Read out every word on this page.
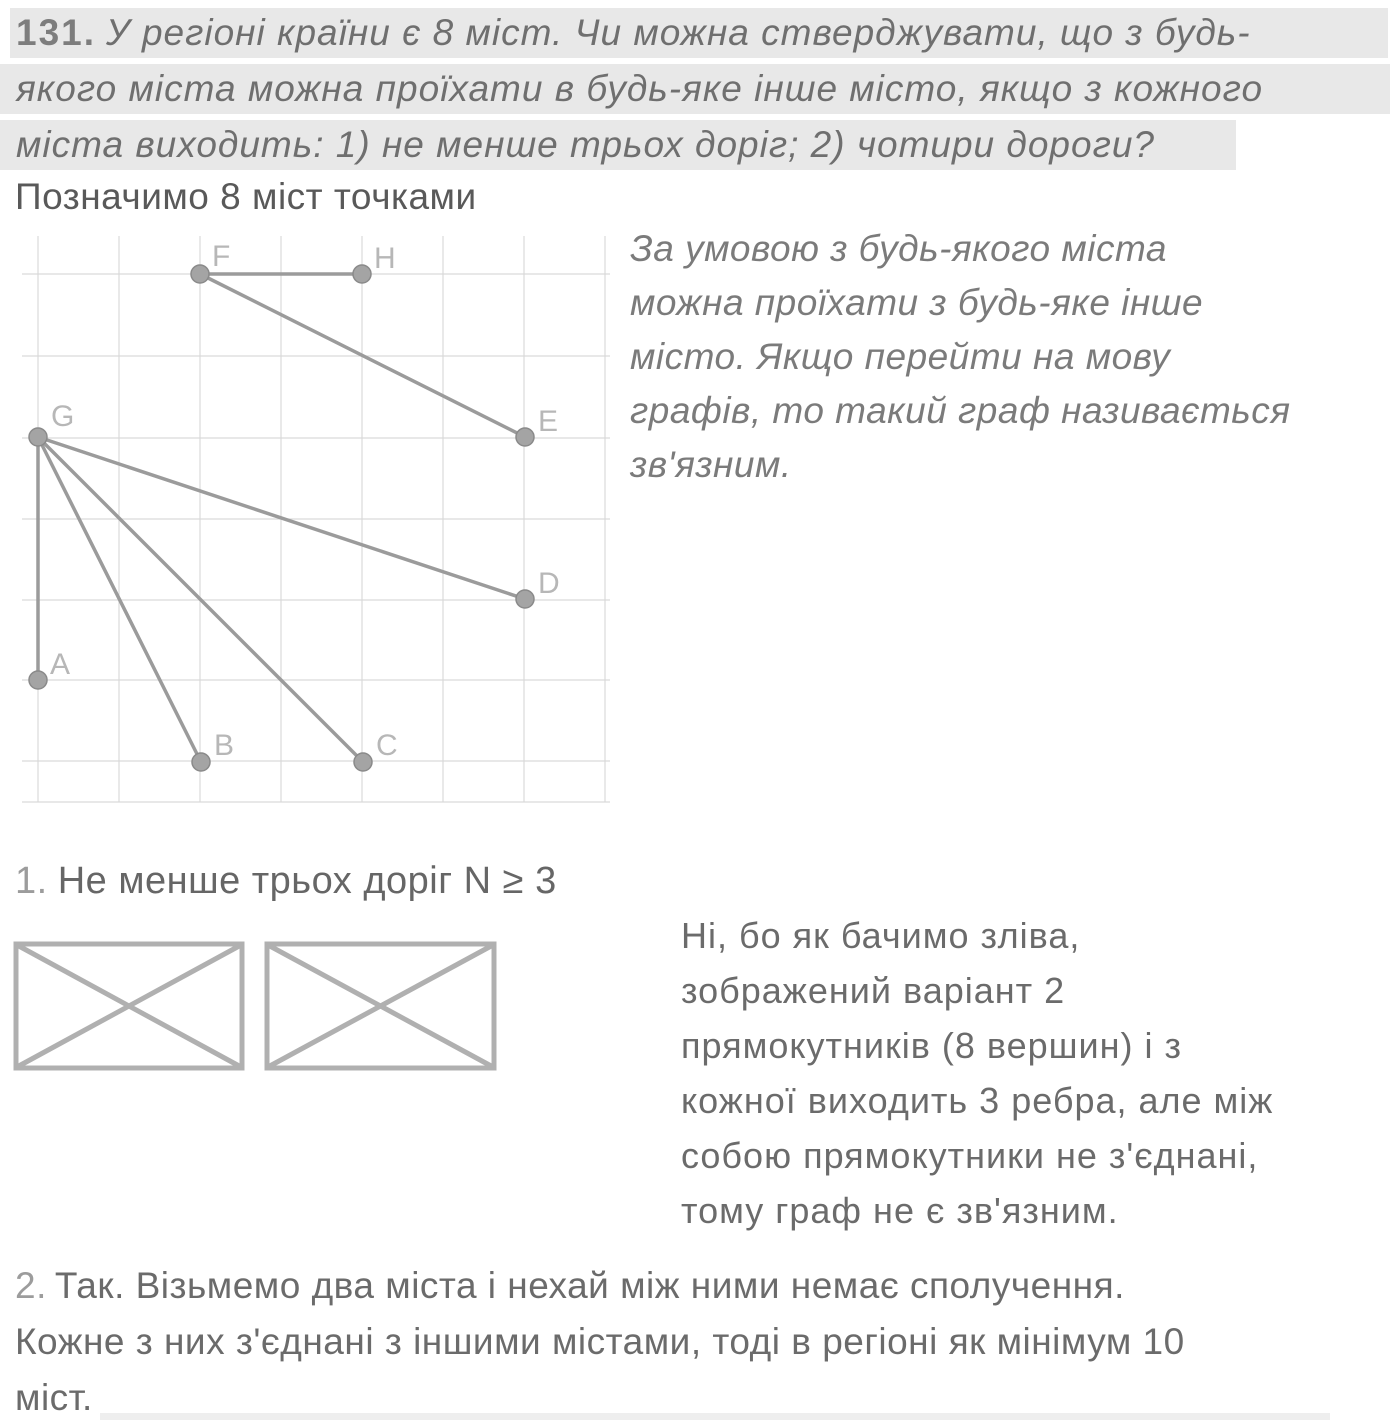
131. У регіоні країни є 8 міст. Чи можна стверджувати, що з будь-
якого міста можна проїхати в будь-яке інше місто, якщо з кожного
міста виходить: 1) не менше трьох доріг; 2) чотири дороги?
Позначимо 8 міст точками
A
B	C
D
E
F
G
H	За умовою з будь-якого міста
можна проїхати з будь-яке інше
місто. Якщо перейти на мову
графів, то такий граф називається
зв'язним.
1. Не менше трьох доріг N ≥ 3
Ні, бо як бачимо зліва,
зображений варіант 2
прямокутників (8 вершин) і з
кожної виходить 3 ребра, але між
собою прямокутники не з'єднані,
тому граф не є зв'язним.
2. Так. Візьмемо два міста і нехай між ними немає сполучення.
Кожне з них з'єднані з іншими містами, тоді в регіоні як мінімум 10
міст.
